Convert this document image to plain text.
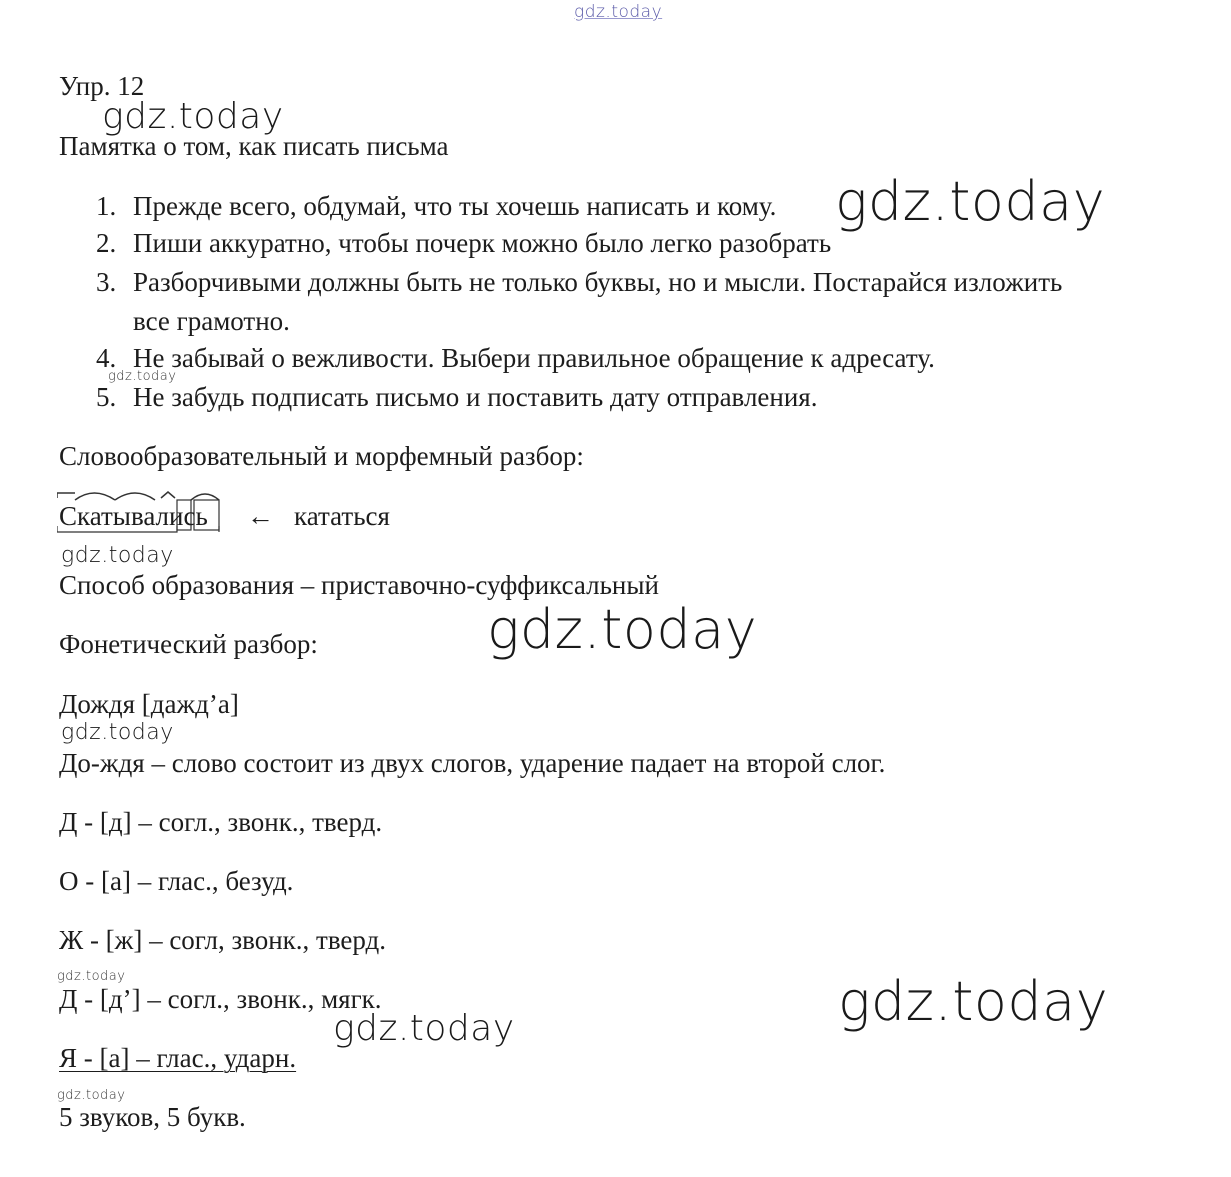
gdz.today
Упр. 12
gdz.today
Памятка о том, как писать письма
1. Прежде всего, обдумай, что ты хочешь написать и кому.
2. Пиши аккуратно, чтобы почерк можно было легко разобрать
3. Разборчивыми должны быть не только буквы, но и мысли. Постарайся изложить
все грамотно.
4. Не забывай о вежливости. Выбери правильное обращение к адресату.
5. Не забудь подписать письмо и поставить дату отправления.
gdz.today
gdz.today
Словообразовательный и морфемный разбор:
Скатывались ← кататься
gdz.today
Способ образования – приставочно-суффиксальный
Фонетический разбор:	gdz.today
Дождя [дажд’а]
gdz.today
До-ждя – слово состоит из двух слогов, ударение падает на второй слог.
Д - [д] – согл., звонк., тверд.
О - [а] – глас., безуд.
Ж - [ж] – согл, звонк., тверд.
gdz.today
Д - [д’] – согл., звонк., мягк.
gdz.today	gdz.today
Я - [а] – глас., ударн.
gdz.today
5 звуков, 5 букв.
